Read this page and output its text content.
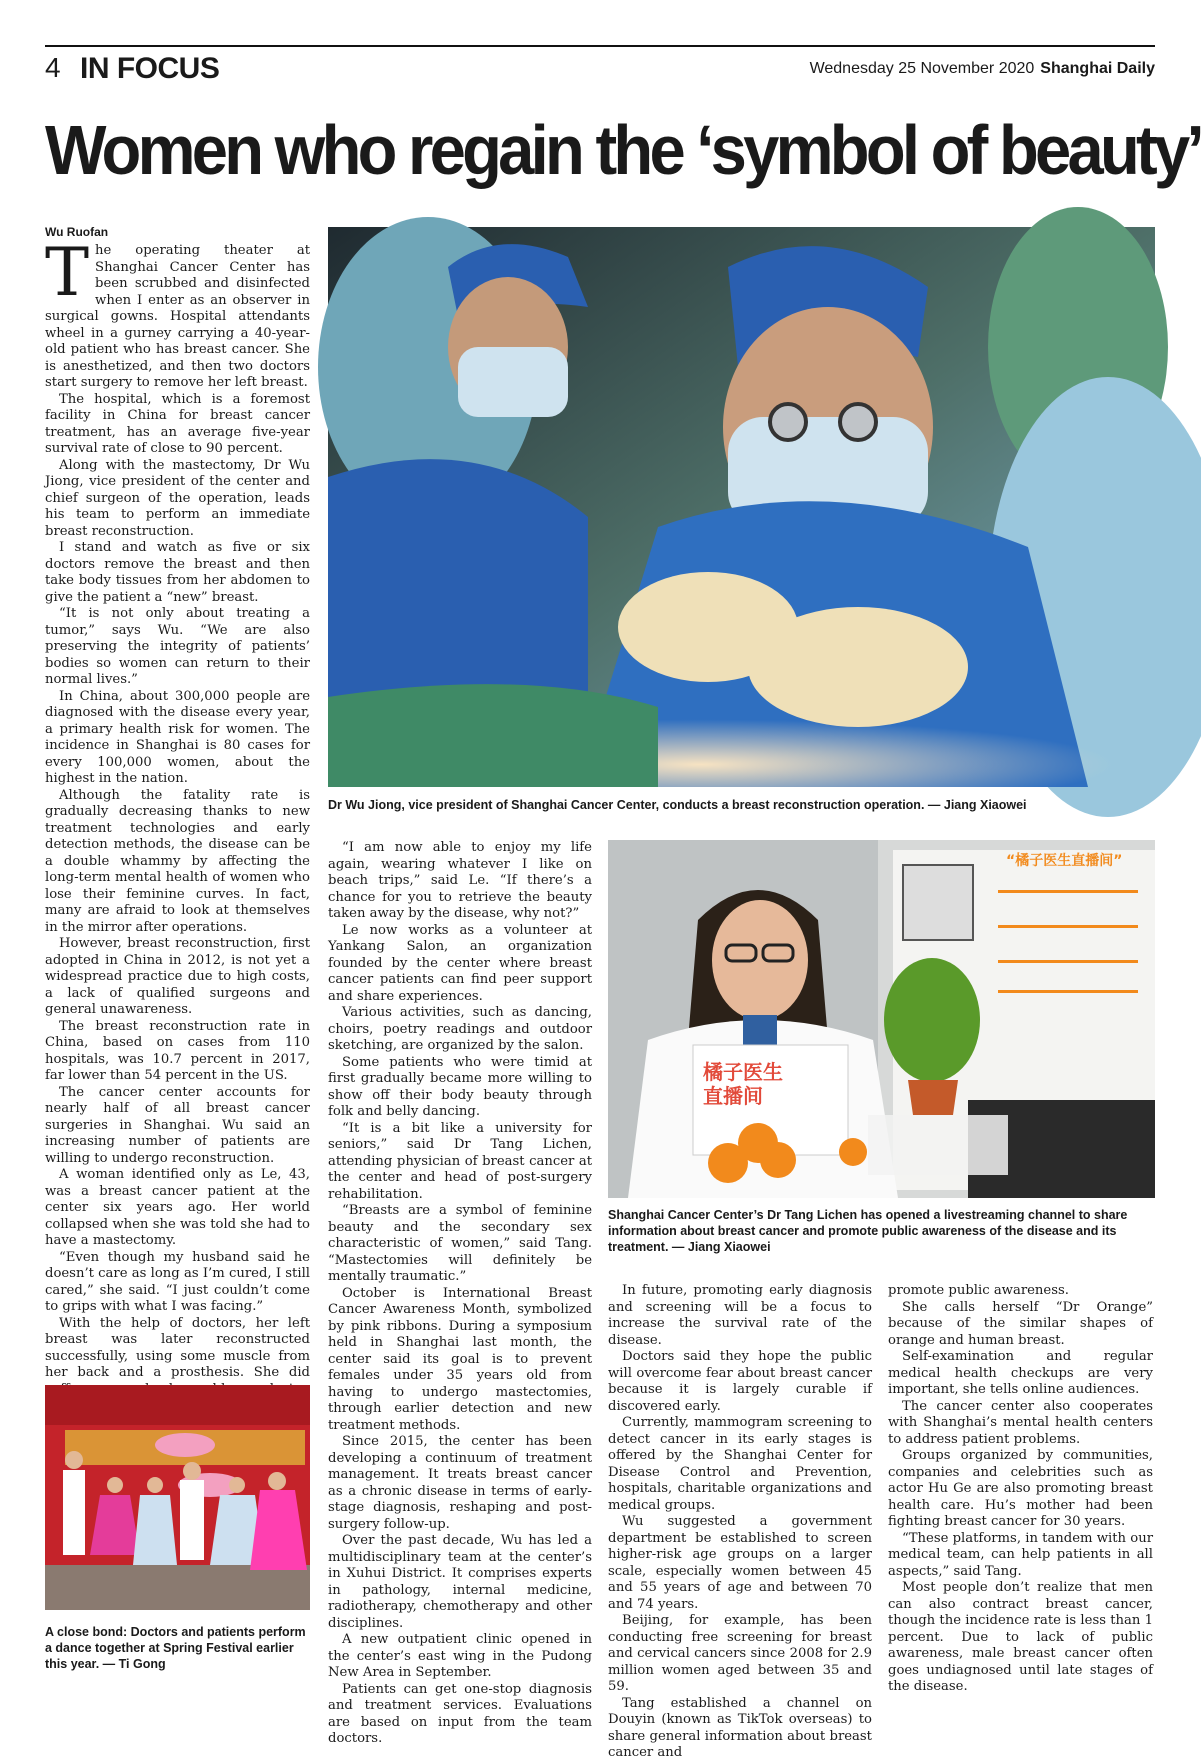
4 IN FOCUS	Wednesday 25 November 2020 Shanghai Daily
Women who regain the ‘symbol of beauty’
Wu Ruofan

The operating theater at Shanghai Cancer Center has been scrubbed and disinfected when I enter as an observer in surgical gowns. Hospital attendants wheel in a gurney carrying a 40-year-old patient who has breast cancer. She is anesthetized, and then two doctors start surgery to remove her left breast.

The hospital, which is a foremost facility in China for breast cancer treatment, has an average five-year survival rate of close to 90 percent.

Along with the mastectomy, Dr Wu Jiong, vice president of the center and chief surgeon of the operation, leads his team to perform an immediate breast reconstruction.

I stand and watch as five or six doctors remove the breast and then take body tissues from her abdomen to give the patient a “new” breast.

“It is not only about treating a tumor,” says Wu. “We are also preserving the integrity of patients’ bodies so women can return to their normal lives.”

In China, about 300,000 people are diagnosed with the disease every year, a primary health risk for women. The incidence in Shanghai is 80 cases for every 100,000 women, about the highest in the nation.

Although the fatality rate is gradually decreasing thanks to new treatment technologies and early detection methods, the disease can be a double whammy by affecting the long-term mental health of women who lose their feminine curves. In fact, many are afraid to look at themselves in the mirror after operations.

However, breast reconstruction, first adopted in China in 2012, is not yet a widespread practice due to high costs, a lack of qualified surgeons and general unawareness.

The breast reconstruction rate in China, based on cases from 110 hospitals, was 10.7 percent in 2017, far lower than 54 percent in the US.

The cancer center accounts for nearly half of all breast cancer surgeries in Shanghai. Wu said an increasing number of patients are willing to undergo reconstruction.

A woman identified only as Le, 43, was a breast cancer patient at the center six years ago. Her world collapsed when she was told she had to have a mastectomy.

“Even though my husband said he doesn’t care as long as I’m cured, I still cared,” she said. “I just couldn’t come to grips with what I was facing.”

With the help of doctors, her left breast was later reconstructed successfully, using some muscle from her back and a prosthesis. She did

Dr Wu Jiong, vice president of Shanghai Cancer Center, conducts a breast reconstruction operation. — Jiang Xiaowei

“I am now able to enjoy my life again, wearing whatever I like on beach trips,” said Le. “If there’s a chance for you to retrieve the beauty taken away by the disease, why not?”

Le now works as a volunteer at Yankang Salon, an organization founded by the center where breast cancer patients can find peer support and share experiences.

Various activities, such as dancing, choirs, poetry readings and outdoor sketching, are organized by the salon.

Some patients who were timid at first gradually became more willing to show off their body beauty through folk and belly dancing.

“It is a bit like a university for seniors,” said Dr Tang Lichen, attending physician of breast cancer at the center and head of post-surgery rehabilitation.

“Breasts are a symbol of feminine beauty and the secondary sex characteristic of women,” said Tang. “Mastectomies will definitely be mentally traumatic.”

October is International Breast Cancer Awareness Month, symbolized by pink ribbons. During a symposium held in Shanghai last month, the center said its goal is to prevent females under 35 years old from having to undergo mastectomies, through earlier detection and new treatment methods.

Since 2015, the center has been developing a continuum of treatment management. It treats breast cancer as a chronic disease in terms of early-stage diagnosis, reshaping and post-surgery follow-up.

Over the past decade, Wu has led a multidisciplinary team at the center’s in Xuhui District. It comprises experts in pathology, internal medicine, radiotherapy, chemotherapy and other disciplines.

A new outpatient clinic opened in the center’s east wing in the Pudong New Area in September.

Patients can get one-stop diagnosis and treatment services. Evaluations are based on input from the team doctors.

“橘子医生直播间”
橘子医生
直播间
Shanghai Cancer Center’s Dr Tang Lichen has opened a livestreaming channel to share information about breast cancer and promote public awareness of the disease and its treatment. — Jiang Xiaowei

In future, promoting early diagnosis and screening will be a focus to increase the survival rate of the disease.

Doctors said they hope the public will overcome fear about breast cancer because it is largely curable if discovered early.

Currently, mammogram screening to detect cancer in its early stages is offered by the Shanghai Center for Disease Control and Prevention, hospitals, charitable organizations and medical groups.

Wu suggested a government department be established to screen higher-risk age groups on a larger scale, especially women between 45 and 55 years of age and between 70 and 74 years.

Beijing, for example, has been conducting free screening for breast and cervical cancers since 2008 for 2.9 million women aged between 35 and 59.

Tang established a channel on Douyin (known as TikTok overseas) to share general information about breast cancer and

promote public awareness.

She calls herself “Dr Orange” because of the similar shapes of orange and human breast.

Self-examination and regular medical health checkups are very important, she tells online audiences.

The cancer center also cooperates with Shanghai’s mental health centers to address patient problems.

Groups organized by communities, companies and celebrities such as actor Hu Ge are also promoting breast health care. Hu’s mother had been fighting breast cancer for 30 years.

“These platforms, in tandem with our medical team, can help patients in all aspects,” said Tang.

Most people don’t realize that men can also contract breast cancer, though the incidence rate is less than 1 percent. Due to lack of public awareness, male breast cancer often goes undiagnosed until late stages of the disease.

A close bond: Doctors and patients perform a dance together at Spring Festival earlier this year. — Ti Gong
